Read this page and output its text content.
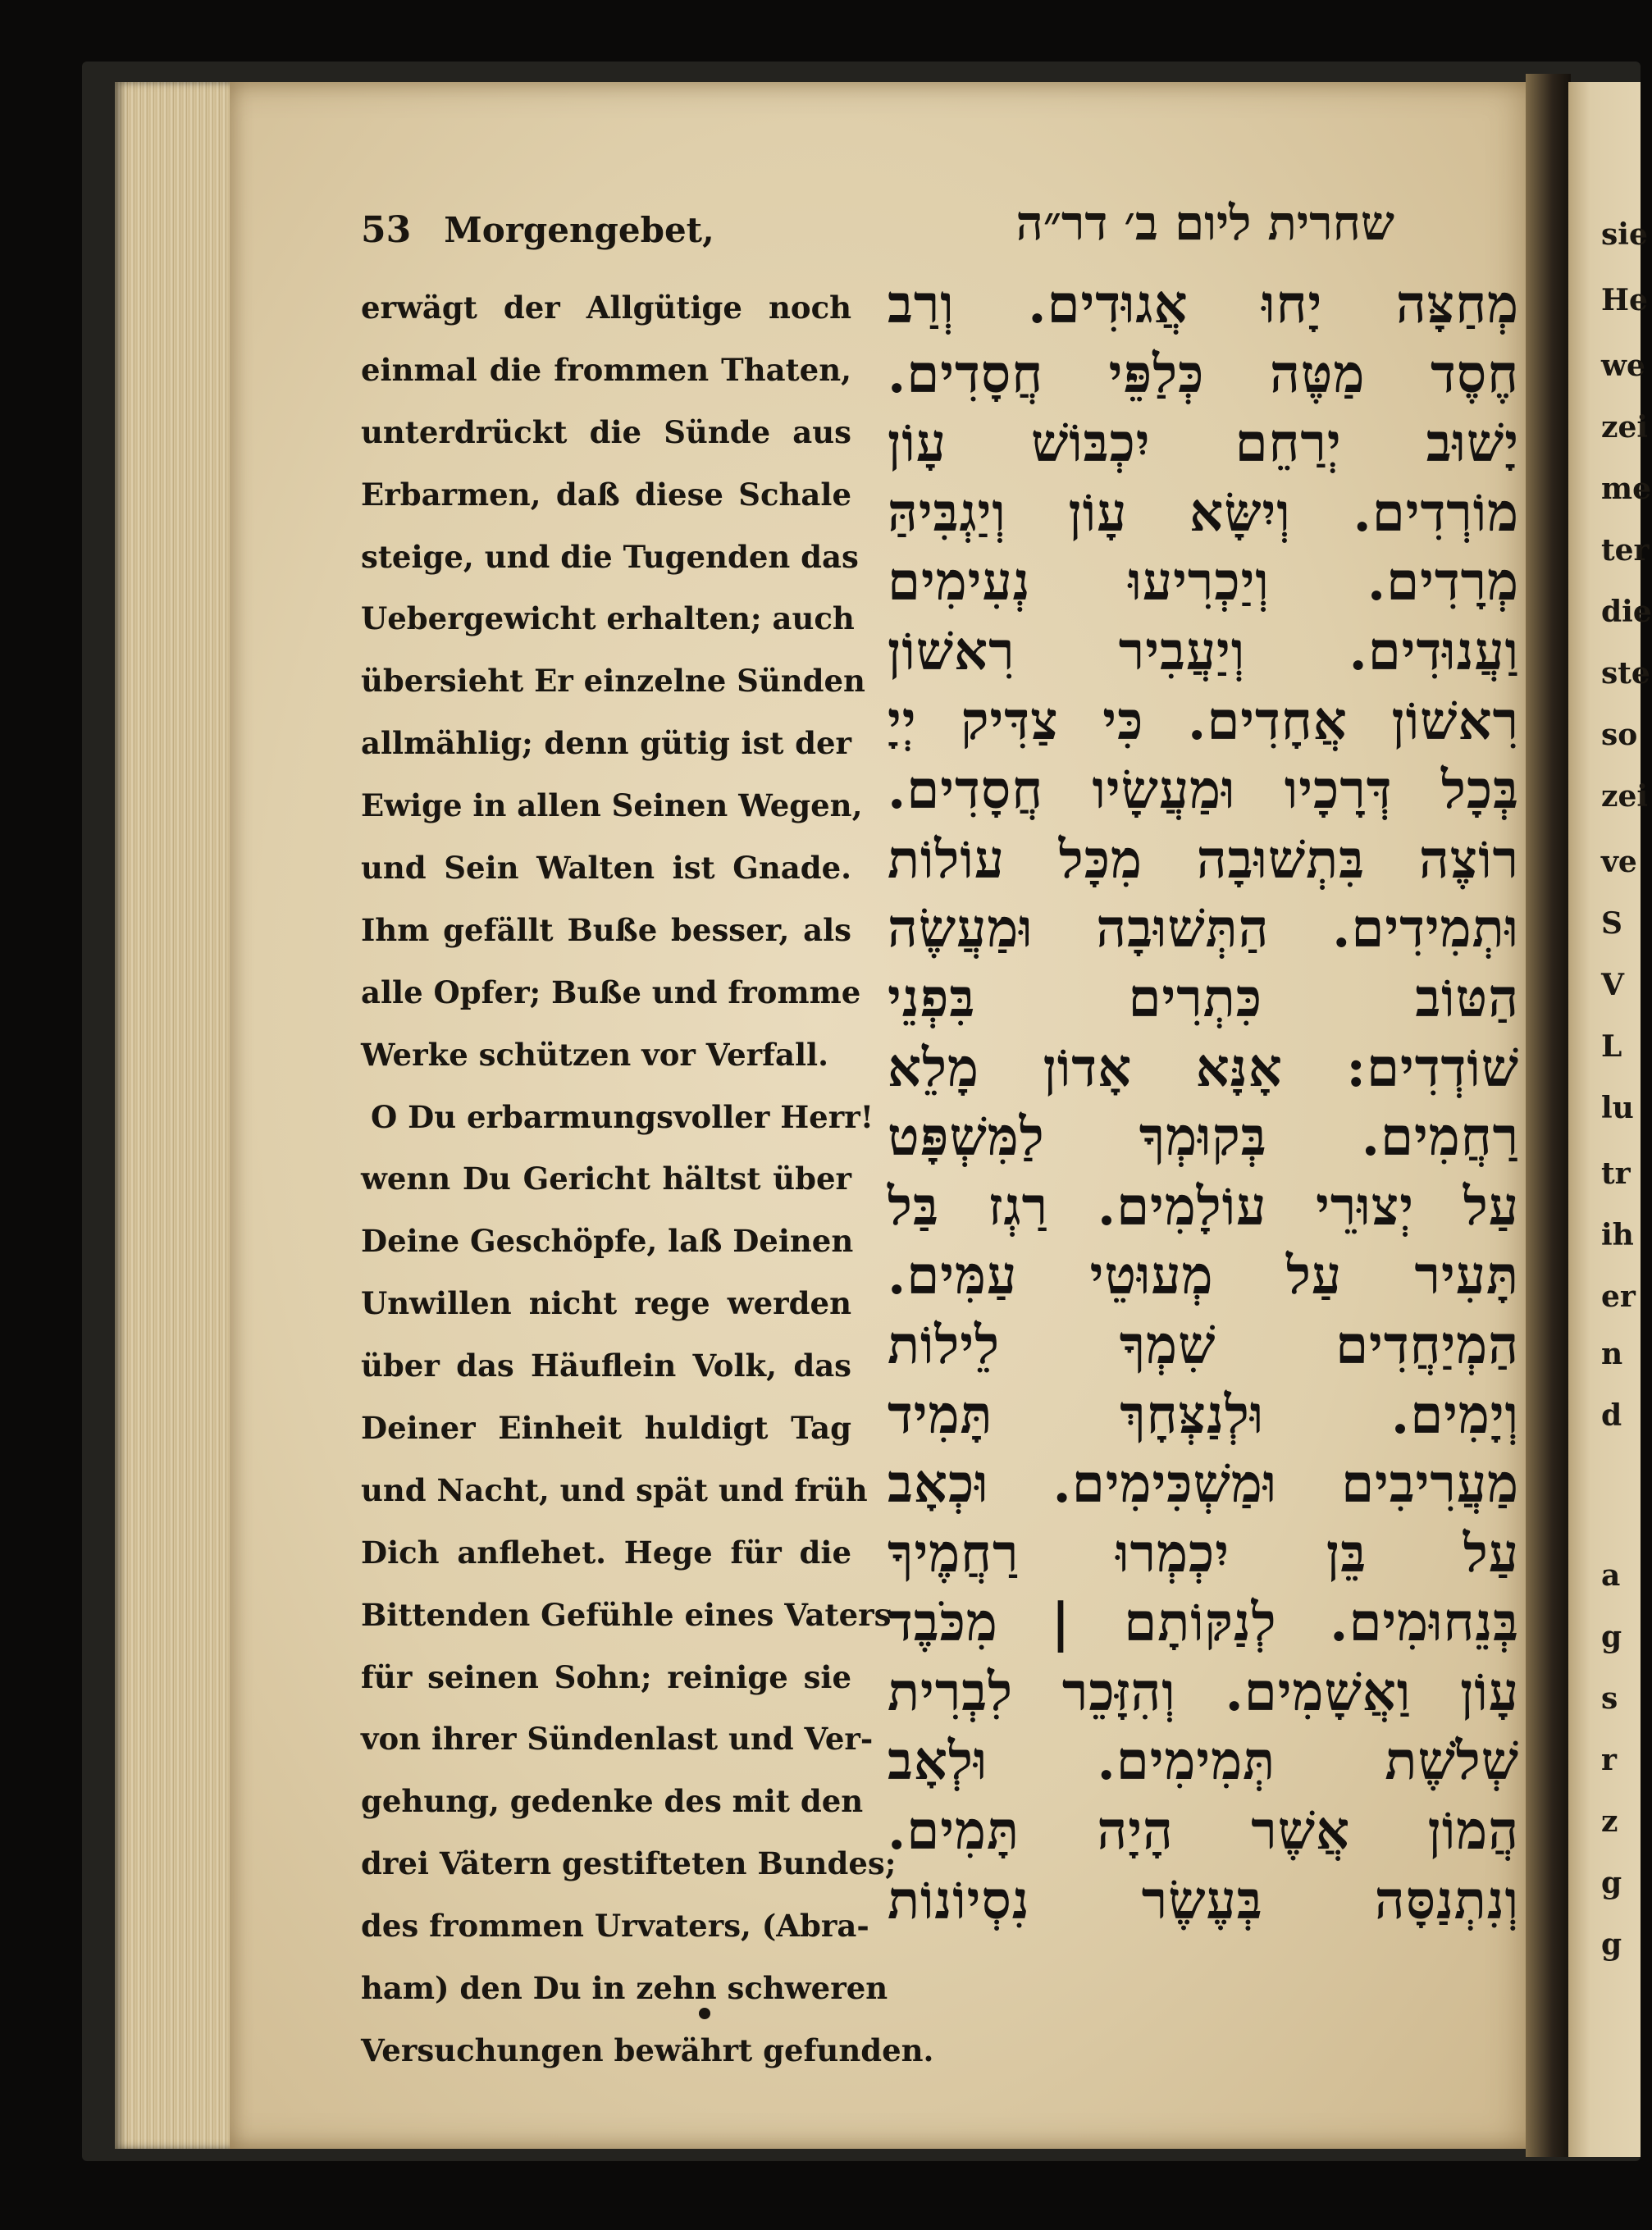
sie
He
we
zei
me
ter
die
ste
so
zei
ve
S
V
L
lu
tr
ih
er
n
d
a
g
s
r
z
g
g
53 Morgengebet,	שחרית ליום ב׳ דר״ה
erwägt der Allgütige noch
einmal die frommen Thaten,
unterdrückt die Sünde aus
Erbarmen, daß diese Schale
steige, und die Tugenden das
Uebergewicht erhalten; auch
übersieht Er einzelne Sünden
allmählig; denn gütig ist der
Ewige in allen Seinen Wegen,
und Sein Walten ist Gnade.
Ihm gefällt Buße besser, als
alle Opfer; Buße und fromme
Werke schützen vor Verfall.
O Du erbarmungsvoller Herr!
wenn Du Gericht hältst über
Deine Geschöpfe, laß Deinen
Unwillen nicht rege werden
über das Häuflein Volk, das
Deiner Einheit huldigt Tag
und Nacht, und spät und früh
Dich anflehet. Hege für die
Bittenden Gefühle eines Vaters
für seinen Sohn; reinige sie
von ihrer Sündenlast und Ver-
gehung, gedenke des mit den
drei Vätern gestifteten Bundes;
des frommen Urvaters, (Abra-
ham) den Du in zehn schweren
Versuchungen bewährt gefunden.
מְחַצָּה יָחוּ אֲגוּדִים. וְרַב
חֶסֶד מַטֶּה כְּלַפֵּי חֲסָדִים.
יָשׁוּב יְרַחֵם יִכְבּוֹשׁ עָוֹן
מוֹרְדִים. וְיִשָּׂא עָוֹן וְיַגְבִּיהַּ
מְרָדִים. וְיַכְרִיעוּ נְעִימִים
וַעֲנוּדִים. וְיַעֲבִיר רִאשׁוֹן
רִאשׁוֹן אֲחָדִים. כִּי צַדִּיק יְיָ
בְּכָל דְּרָכָיו וּמַעֲשָׂיו חֲסָדִים.
רוֹצֶה בִּתְשׁוּבָה מִכָּל עוֹלוֹת
וּתְמִידִים. הַתְּשׁוּבָה וּמַעֲשֶׂה
הַטּוֹב כִּתְרִים בִּפְנֵי
שׁוֹדְדִים: אָנָּא אָדוֹן מָלֵא
רַחֲמִים. בְּקוּמְךָ לַמִּשְׁפָּט
עַל יְצוּרֵי עוֹלָמִים. רַגְז בַּל
תָּעִיר עַל מְעוּטֵי עַמִּים.
הַמְיַחֲדִים שִׁמְךָ לֵילוֹת
וְיָמִים. וּלְנַצְּחָךְ תָּמִיד
מַעֲרִיבִים וּמַשְׁכִּימִים. וּכְאָב
עַל בֵּן יִכְמְרוּ רַחֲמֶיךָ
בְּנֵחוּמִים. לְנַקּוֹתָם | מִכֹּבֶד
עָוֹן וַאֲשָׁמִים. וְהִזָּכֵר לִבְרִית
שְׁלֹשֶׁת תְּמִימִים. וּלְאָב
הֲמוֹן אֲשֶׁר הָיָה תָּמִים.
וְנִתְנַסָּה בְּעֶשֶׂר נִסְיוֹנוֹת
